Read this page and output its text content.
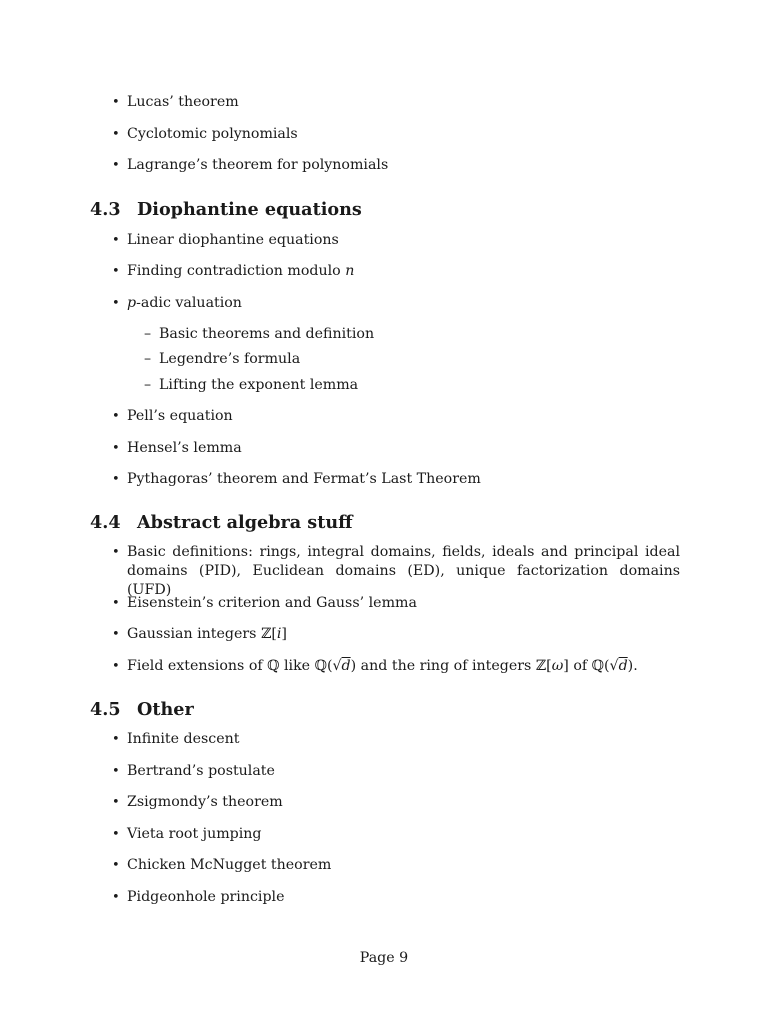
• Lucas’ theorem
• Cyclotomic polynomials
• Lagrange’s theorem for polynomials
4.3 Diophantine equations
• Linear diophantine equations
• Finding contradiction modulo n
• p-adic valuation
– Basic theorems and definition
– Legendre’s formula
– Lifting the exponent lemma
• Pell’s equation
• Hensel’s lemma
• Pythagoras’ theorem and Fermat’s Last Theorem
4.4 Abstract algebra stuff
• Basic definitions: rings, integral domains, fields, ideals and principal ideal domains (PID), Euclidean domains (ED), unique factorization domains (UFD)
• Eisenstein’s criterion and Gauss’ lemma
• Gaussian integers ℤ[i]
• Field extensions of ℚ like ℚ(√d) and the ring of integers ℤ[ω] of ℚ(√d).
4.5 Other
• Infinite descent
• Bertrand’s postulate
• Zsigmondy’s theorem
• Vieta root jumping
• Chicken McNugget theorem
• Pidgeonhole principle
Page 9
